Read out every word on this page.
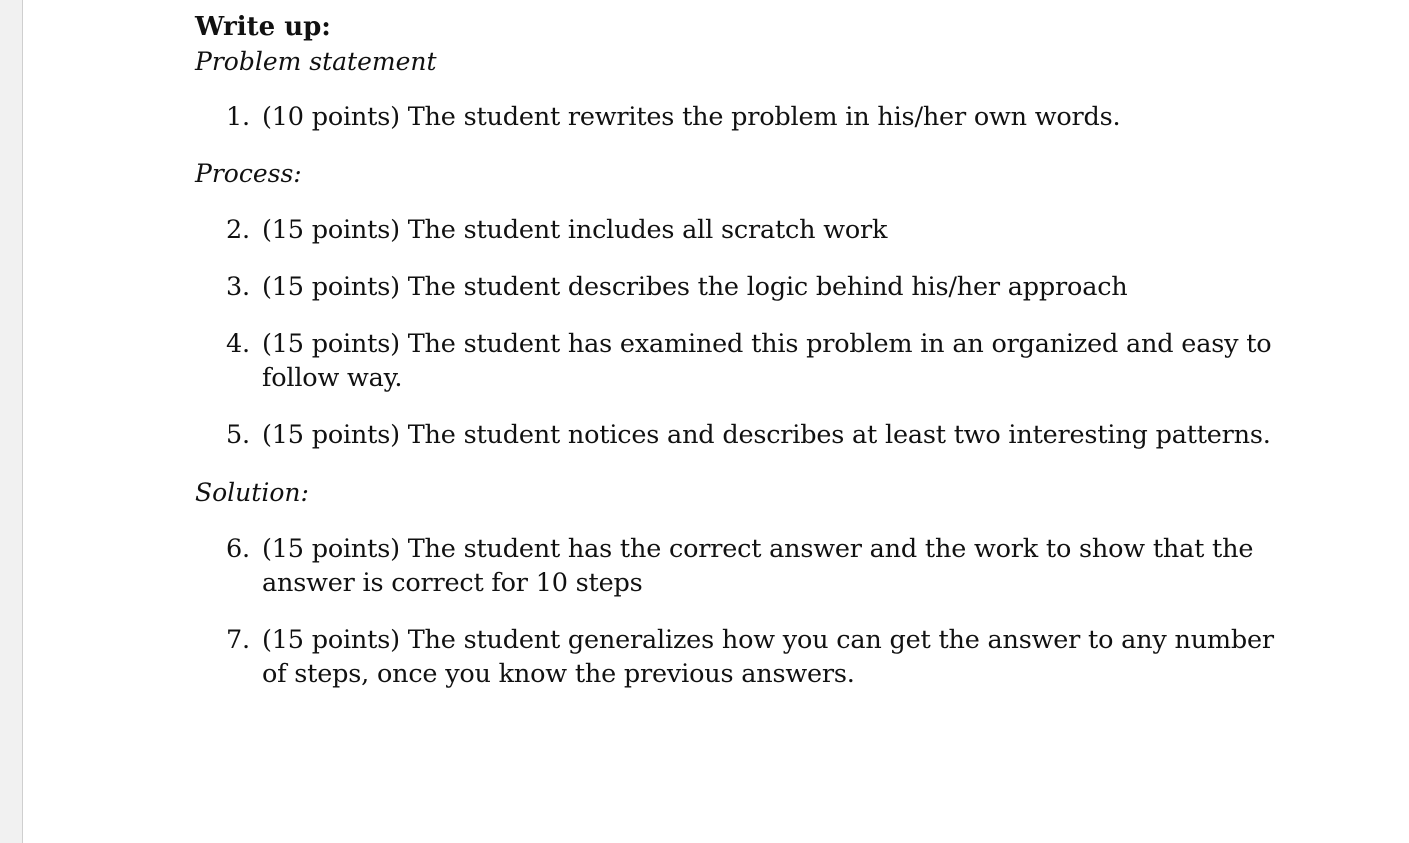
Write up:
Problem statement
1. (10 points) The student rewrites the problem in his/her own words.
Process:
2. (15 points) The student includes all scratch work
3. (15 points) The student describes the logic behind his/her approach
4. (15 points) The student has examined this problem in an organized and easy to follow way.
5. (15 points) The student notices and describes at least two interesting patterns.
Solution:
6. (15 points) The student has the correct answer and the work to show that the answer is correct for 10 steps
7. (15 points) The student generalizes how you can get the answer to any number of steps, once you know the previous answers.
